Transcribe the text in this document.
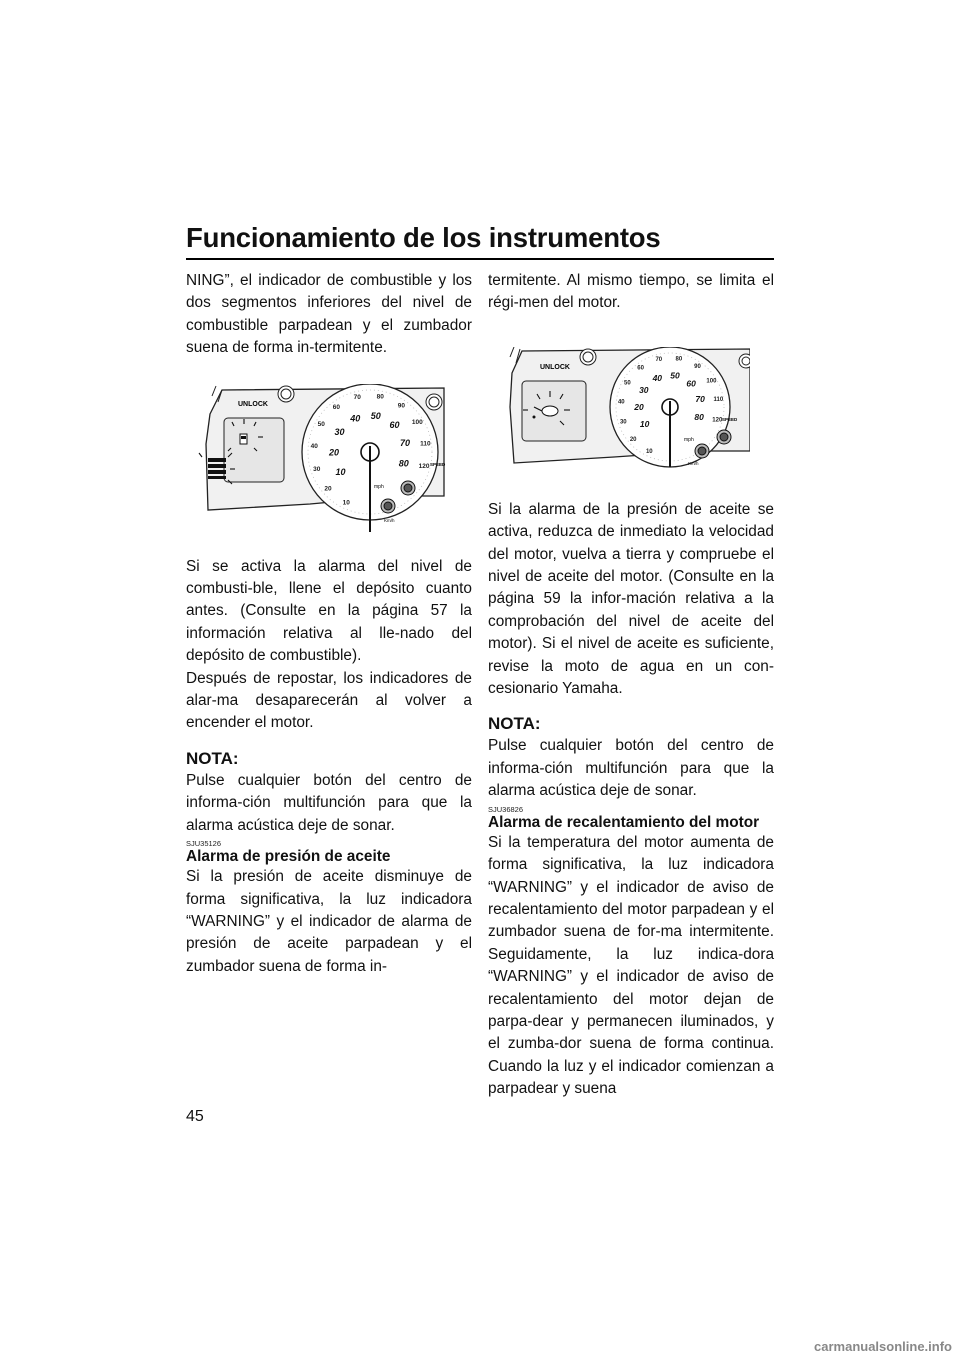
Funcionamiento de los instrumentos

NING”, el indicador de combustible y los dos segmentos inferiores del nivel de combustible parpadean y el zumbador suena de forma in-termitente.

UNLOCK
10
20
30
40
50
60
70 80
90
100
110
120
10
20
30
40 50
60
70
80
mph
SPEED
Km/h

Si se activa la alarma del nivel de combusti-ble, llene el depósito cuanto antes. (Consulte en la página 57 la información relativa al lle-nado del depósito de combustible).

Después de repostar, los indicadores de alar-ma desaparecerán al volver a encender el motor.

NOTA:

Pulse cualquier botón del centro de informa-ción multifunción para que la alarma acústica deje de sonar.

SJU35126
Alarma de presión de aceite

Si la presión de aceite disminuye de forma significativa, la luz indicadora “WARNING” y el indicador de alarma de presión de aceite parpadean y el zumbador suena de forma in-

termitente. Al mismo tiempo, se limita el régi-men del motor.

UNLOCK
10
20
30
40
50
60
70 80
90
100
110
120
10
20
30
40 50
60
70
80
mph
SPEED
Km/h

Si la alarma de la presión de aceite se activa, reduzca de inmediato la velocidad del motor, vuelva a tierra y compruebe el nivel de aceite del motor. (Consulte en la página 59 la infor-mación relativa a la comprobación del nivel de aceite del motor). Si el nivel de aceite es suficiente, revise la moto de agua en un con-cesionario Yamaha.

NOTA:

Pulse cualquier botón del centro de informa-ción multifunción para que la alarma acústica deje de sonar.

SJU36826
Alarma de recalentamiento del motor

Si la temperatura del motor aumenta de forma significativa, la luz indicadora “WARNING” y el indicador de aviso de recalentamiento del motor parpadean y el zumbador suena de for-ma intermitente. Seguidamente, la luz indica-dora “WARNING” y el indicador de aviso de recalentamiento del motor dejan de parpa-dear y permanecen iluminados, y el zumba-dor suena de forma continua. Cuando la luz y el indicador comienzan a parpadear y suena

45
carmanualsonline.info
